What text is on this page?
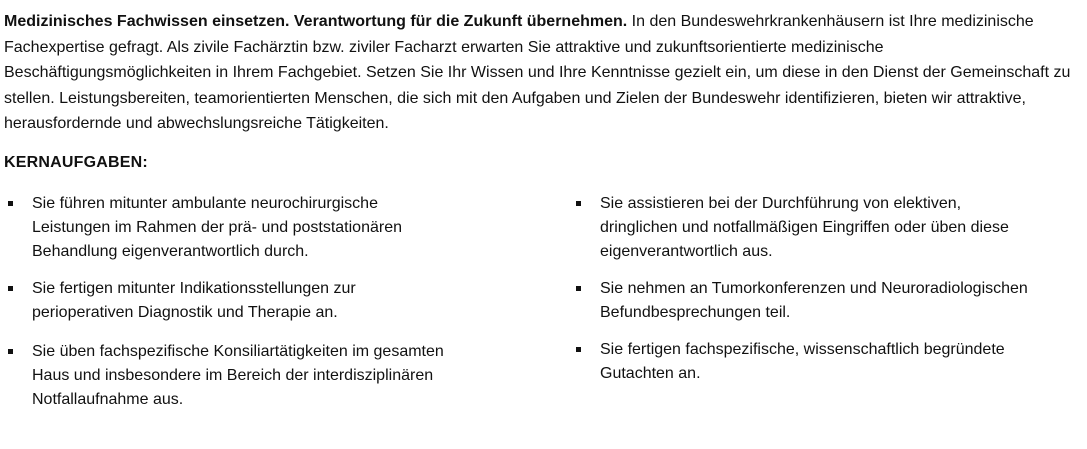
Medizinisches Fachwissen einsetzen. Verantwortung für die Zukunft übernehmen. In den Bundeswehrkrankenhäusern ist Ihre medizinische Fachexpertise gefragt. Als zivile Fachärztin bzw. ziviler Facharzt erwarten Sie attraktive und zukunftsorientierte medizinische Beschäftigungsmöglichkeiten in Ihrem Fachgebiet. Setzen Sie Ihr Wissen und Ihre Kenntnisse gezielt ein, um diese in den Dienst der Gemeinschaft zu stellen. Leistungsbereiten, teamorientierten Menschen, die sich mit den Aufgaben und Zielen der Bundeswehr identifizieren, bieten wir attraktive, herausfordernde und abwechslungsreiche Tätigkeiten.

KERNAUFGABEN:
Sie führen mitunter ambulante neurochirurgische Leistungen im Rahmen der prä- und poststationären Behandlung eigenverantwortlich durch.
Sie fertigen mitunter Indikationsstellungen zur perioperativen Diagnostik und Therapie an.
Sie üben fachspezifische Konsiliartätigkeiten im gesamten Haus und insbesondere im Bereich der interdisziplinären Notfallaufnahme aus.
Sie assistieren bei der Durchführung von elektiven, dringlichen und notfallmäßigen Eingriffen oder üben diese eigenverantwortlich aus.
Sie nehmen an Tumorkonferenzen und Neuroradiologischen Befundbesprechungen teil.
Sie fertigen fachspezifische, wissenschaftlich begründete Gutachten an.
